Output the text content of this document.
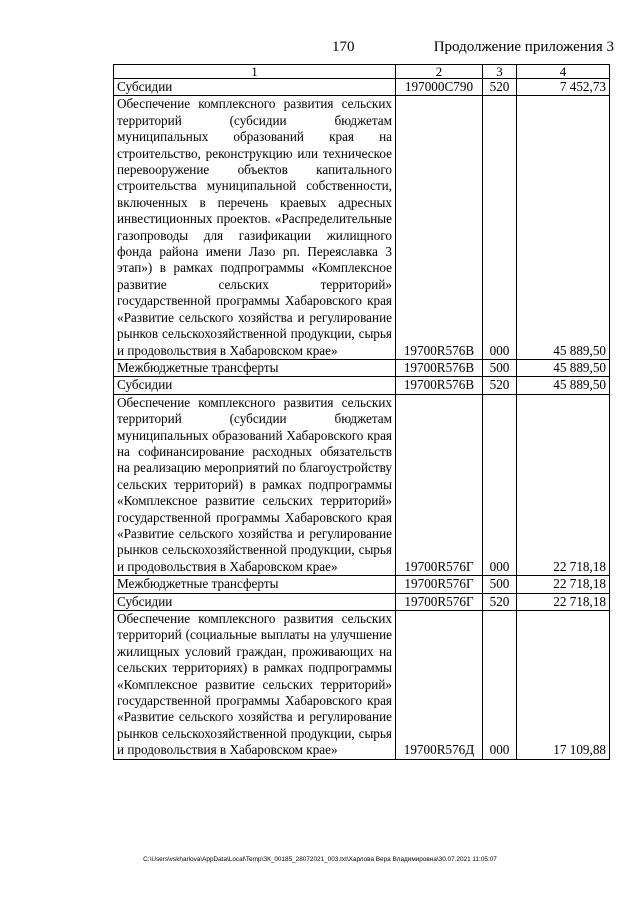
170	Продолжение приложения 3
1	2	3	4
Субсидии	197000C790	520	7 452,73
Обеспечение комплексного развития сельских территорий (субсидии бюджетам муниципальных образований края на строительство, реконструкцию или техническое перевооружение объектов капитального строительства муниципальной собственности, включенных в перечень краевых адресных инвестиционных проектов. «Распределительные газопроводы для газификации жилищного фонда района имени Лазо рп. Переяславка 3 этап») в рамках подпрограммы «Комплексное развитие сельских территорий» государственной программы Хабаровского края «Развитие сельского хозяйства и регулирование рынков сельскохозяйственной продукции, сырья и продовольствия в Хабаровском крае»	19700R576B	000	45 889,50
Межбюджетные трансферты	19700R576B	500	45 889,50
Субсидии	19700R576B	520	45 889,50
Обеспечение комплексного развития сельских территорий (субсидии бюджетам муниципальных образований Хабаровского края на софинансирование расходных обязательств на реализацию мероприятий по благоустройству сельских территорий) в рамках подпрограммы «Комплексное развитие сельских территорий» государственной программы Хабаровского края «Развитие сельского хозяйства и регулирование рынков сельскохозяйственной продукции, сырья и продовольствия в Хабаровском крае»	19700R576Г	000	22 718,18
Межбюджетные трансферты	19700R576Г	500	22 718,18
Субсидии	19700R576Г	520	22 718,18
Обеспечение комплексного развития сельских территорий (социальные выплаты на улучшение жилищных условий граждан, проживающих на сельских территориях) в рамках подпрограммы «Комплексное развитие сельских территорий» государственной программы Хабаровского края «Развитие сельского хозяйства и регулирование рынков сельскохозяйственной продукции, сырья и продовольствия в Хабаровском крае»	19700R576Д	000	17 109,88
C:\Users\vskharlova\AppData\Local\Temp\ЗК_00185_28072021_003.txt\Харлова Вера Владимировна\30.07.2021 11:05:07
